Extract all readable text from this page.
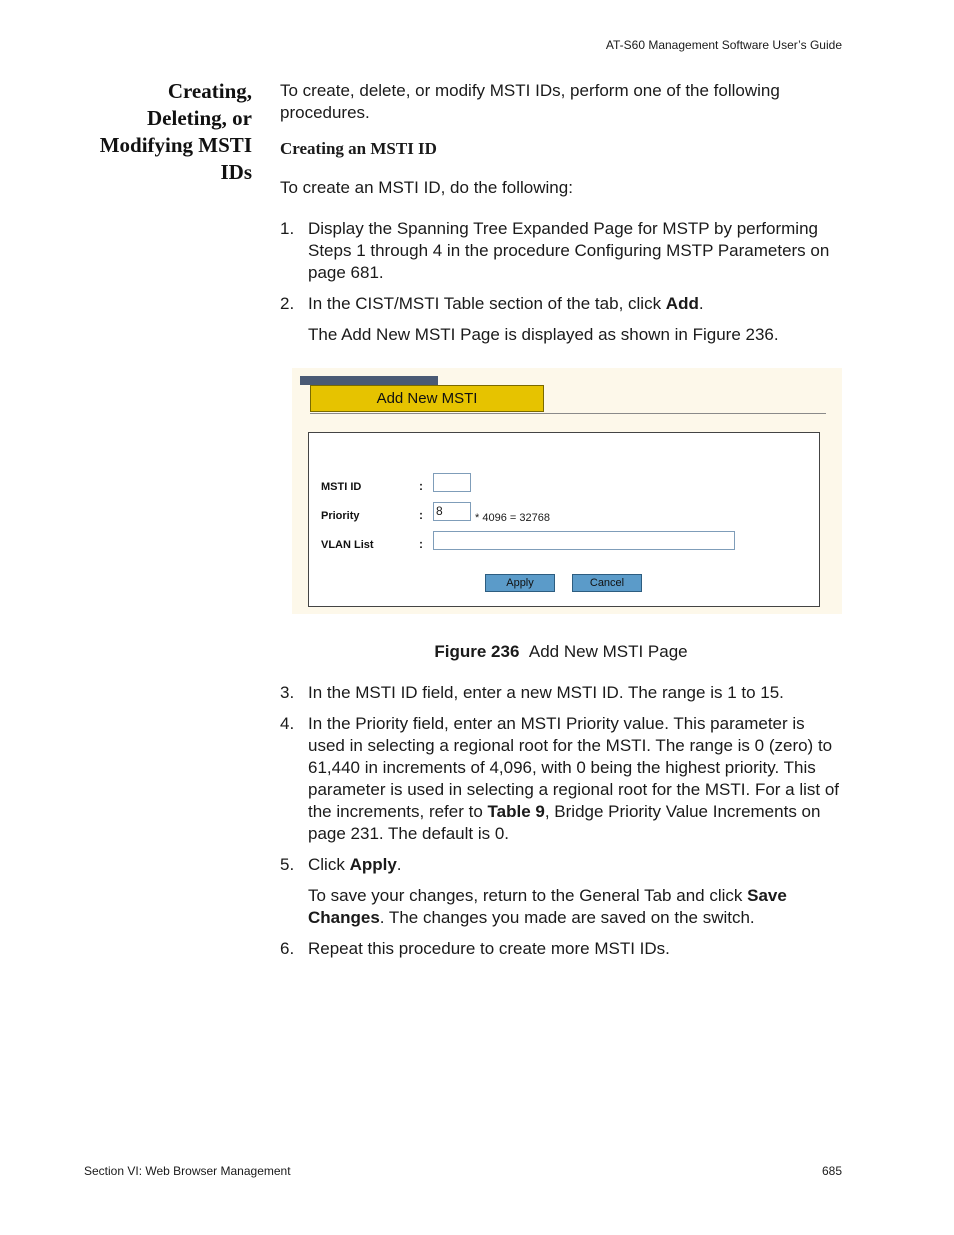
AT-S60 Management Software User’s Guide
Creating,
Deleting, or
Modifying MSTI
IDs

To create, delete, or modify MSTI IDs, perform one of the following procedures.

Creating an MSTI ID

To create an MSTI ID, do the following:

1. Display the Spanning Tree Expanded Page for MSTP by performing Steps 1 through 4 in the procedure Configuring MSTP Parameters on page 681.
2. In the CIST/MSTI Table section of the tab, click Add.
The Add New MSTI Page is displayed as shown in Figure 236.
Add New MSTI
MSTI ID	:
Priority	: 8	* 4096 = 32768
VLAN List	:
Apply	Cancel
Figure 236 Add New MSTI Page
3. In the MSTI ID field, enter a new MSTI ID. The range is 1 to 15.
4. In the Priority field, enter an MSTI Priority value. This parameter is used in selecting a regional root for the MSTI. The range is 0 (zero) to 61,440 in increments of 4,096, with 0 being the highest priority. This parameter is used in selecting a regional root for the MSTI. For a list of the increments, refer to Table 9, Bridge Priority Value Increments on page 231. The default is 0.
5. Click Apply.
To save your changes, return to the General Tab and click Save Changes. The changes you made are saved on the switch.
6. Repeat this procedure to create more MSTI IDs.
Section VI: Web Browser Management	685
